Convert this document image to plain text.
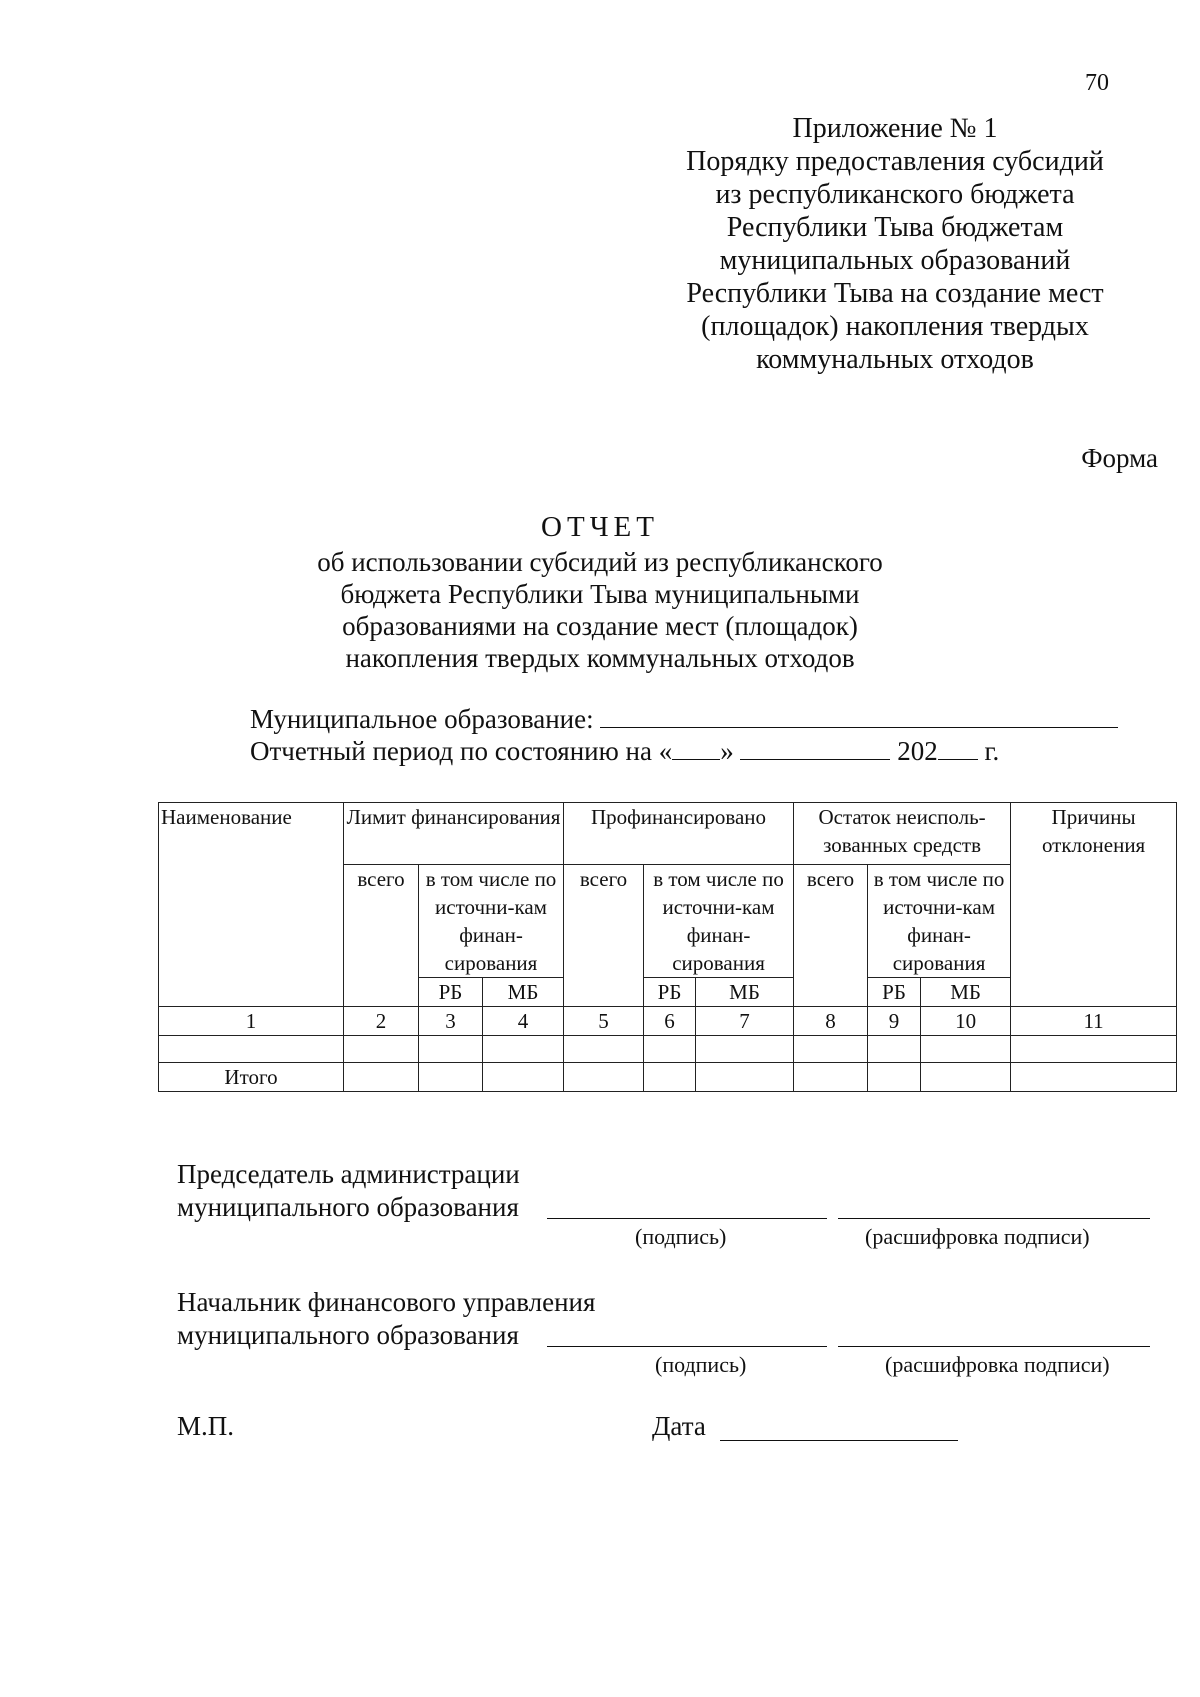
70
Приложение № 1
Порядку предоставления субсидий
из республиканского бюджета
Республики Тыва бюджетам
муниципальных образований
Республики Тыва на создание мест
(площадок) накопления твердых
коммунальных отходов
Форма
ОТЧЕТ
об использовании субсидий из республиканского
бюджета Республики Тыва муниципальными
образованиями на создание мест (площадок)
накопления твердых коммунальных отходов
Муниципальное образование:
Отчетный период по состоянию на « »	202 г.
Наименование	Лимит финансирования			Профинансировано			Остаток неисполь-зованных средств			Причины отклонения
	всего	в том числе по источни-кам финан-сирования		всего	в том числе по источни-кам финан-сирования		всего	в том числе по источни-кам финан-сирования		
		РБ	МБ		РБ	МБ		РБ	МБ	
1	2	3	4	5	6	7	8	9	10	11

Итого										
Председатель администрации
муниципального образования
(подпись)	(расшифровка подписи)
Начальник финансового управления
муниципального образования
(подпись)	(расшифровка подписи)
М.П.	Дата
